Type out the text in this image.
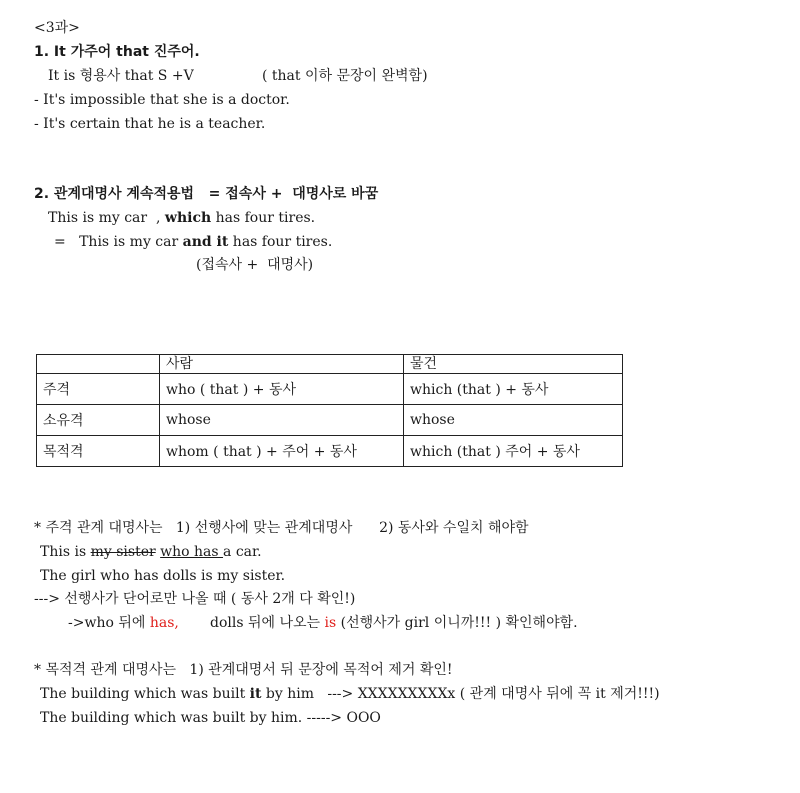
<3과>
1. It 가주어 that 진주어.
It is 형용사 that S +V	( that 이하 문장이 완벽함)
- It's impossible that she is a doctor.
- It's certain that he is a teacher.
2. 관계대명사 계속적용법   = 접속사 +  대명사로 바꿈
This is my car  , which has four tires.
= This is my car and it has four tires.
(접속사 +  대명사)
	사람	물건
주격	who ( that ) + 동사	which (that ) + 동사
소유격	whose	whose
목적격	whom ( that ) + 주어 + 동사	which (that ) 주어 + 동사
* 주격 관계 대명사는   1) 선행사에 맞는 관계대명사      2) 동사와 수일치 해야함
This is my sister who has a car.
The girl who has dolls is my sister.
---> 선행사가 단어로만 나올 때 ( 동사 2개 다 확인!)
->who 뒤에 has,       dolls 뒤에 나오는 is (선행사가 girl 이니까!!! ) 확인해야함.
* 목적격 관계 대명사는   1) 관계대명서 뒤 문장에 목적어 제거 확인!
The building which was built it by him   ---> XXXXXXXXXx ( 관계 대명사 뒤에 꼭 it 제거!!!)
The building which was built by him. -----> OOO
